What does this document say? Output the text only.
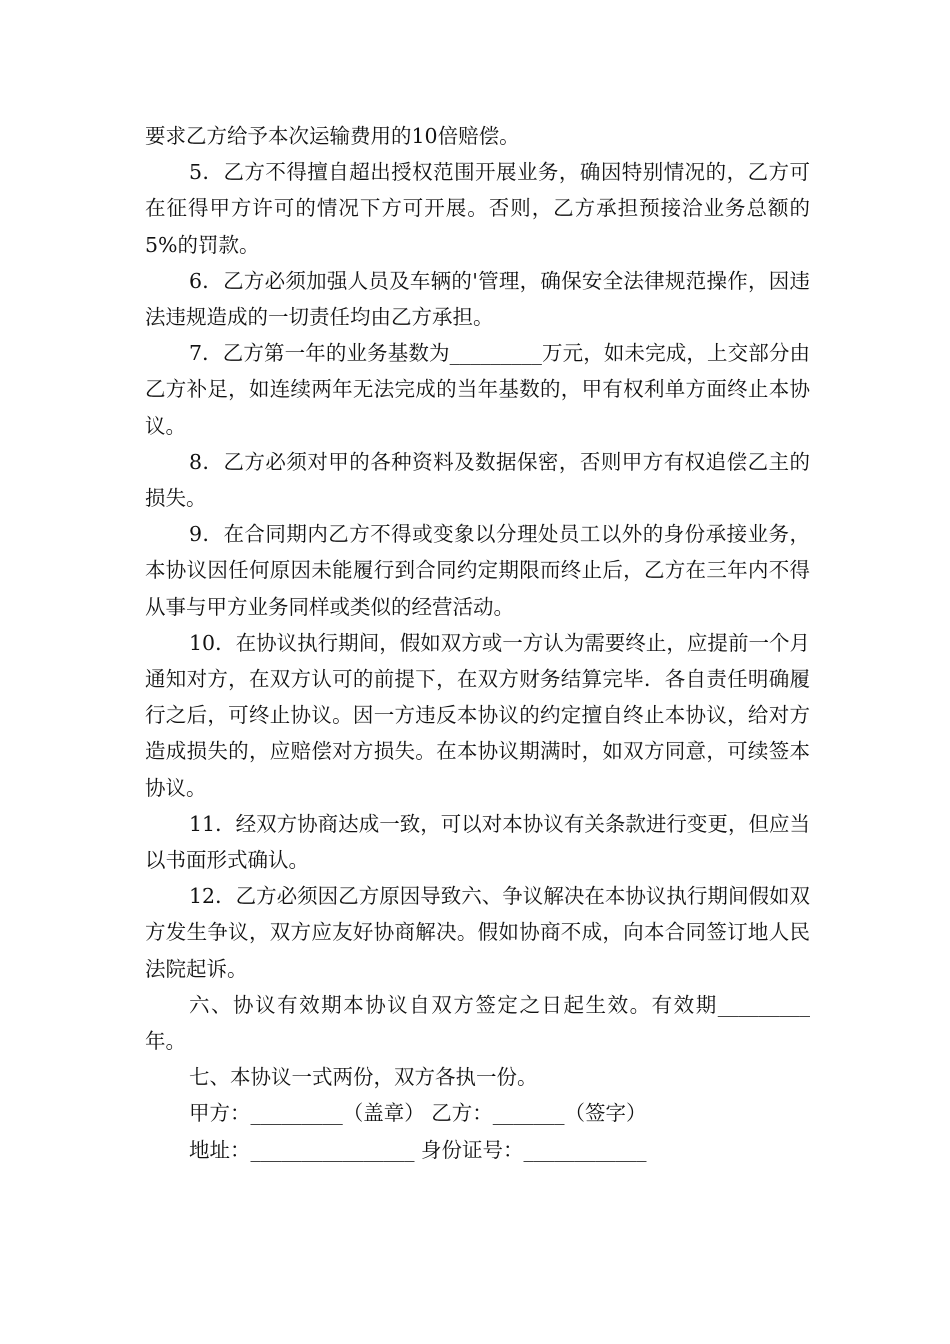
要求乙方给予本次运输费用的10倍赔偿。

5．乙方不得擅自超出授权范围开展业务，确因特别情况的，乙方可在征得甲方许可的情况下方可开展。否则，乙方承担预接洽业务总额的5%的罚款。

6．乙方必须加强人员及车辆的'管理，确保安全法律规范操作，因违法违规造成的一切责任均由乙方承担。

7．乙方第一年的业务基数为_________万元，如未完成，上交部分由乙方补足，如连续两年无法完成的当年基数的，甲有权利单方面终止本协议。

8．乙方必须对甲的各种资料及数据保密，否则甲方有权追偿乙主的损失。

9．在合同期内乙方不得或变象以分理处员工以外的身份承接业务，本协议因任何原因未能履行到合同约定期限而终止后，乙方在三年内不得从事与甲方业务同样或类似的经营活动。

10．在协议执行期间，假如双方或一方认为需要终止，应提前一个月通知对方，在双方认可的前提下，在双方财务结算完毕．各自责任明确履行之后，可终止协议。因一方违反本协议的约定擅自终止本协议，给对方造成损失的，应赔偿对方损失。在本协议期满时，如双方同意，可续签本协议。

11．经双方协商达成一致，可以对本协议有关条款进行变更，但应当以书面形式确认。

12．乙方必须因乙方原因导致六、争议解决在本协议执行期间假如双方发生争议，双方应友好协商解决。假如协商不成，向本合同签订地人民法院起诉。

六、协议有效期本协议自双方签定之日起生效。有效期_________年。

七、本协议一式两份，双方各执一份。

甲方：_________（盖章） 乙方：_______（签字）

地址：________________ 身份证号：____________
